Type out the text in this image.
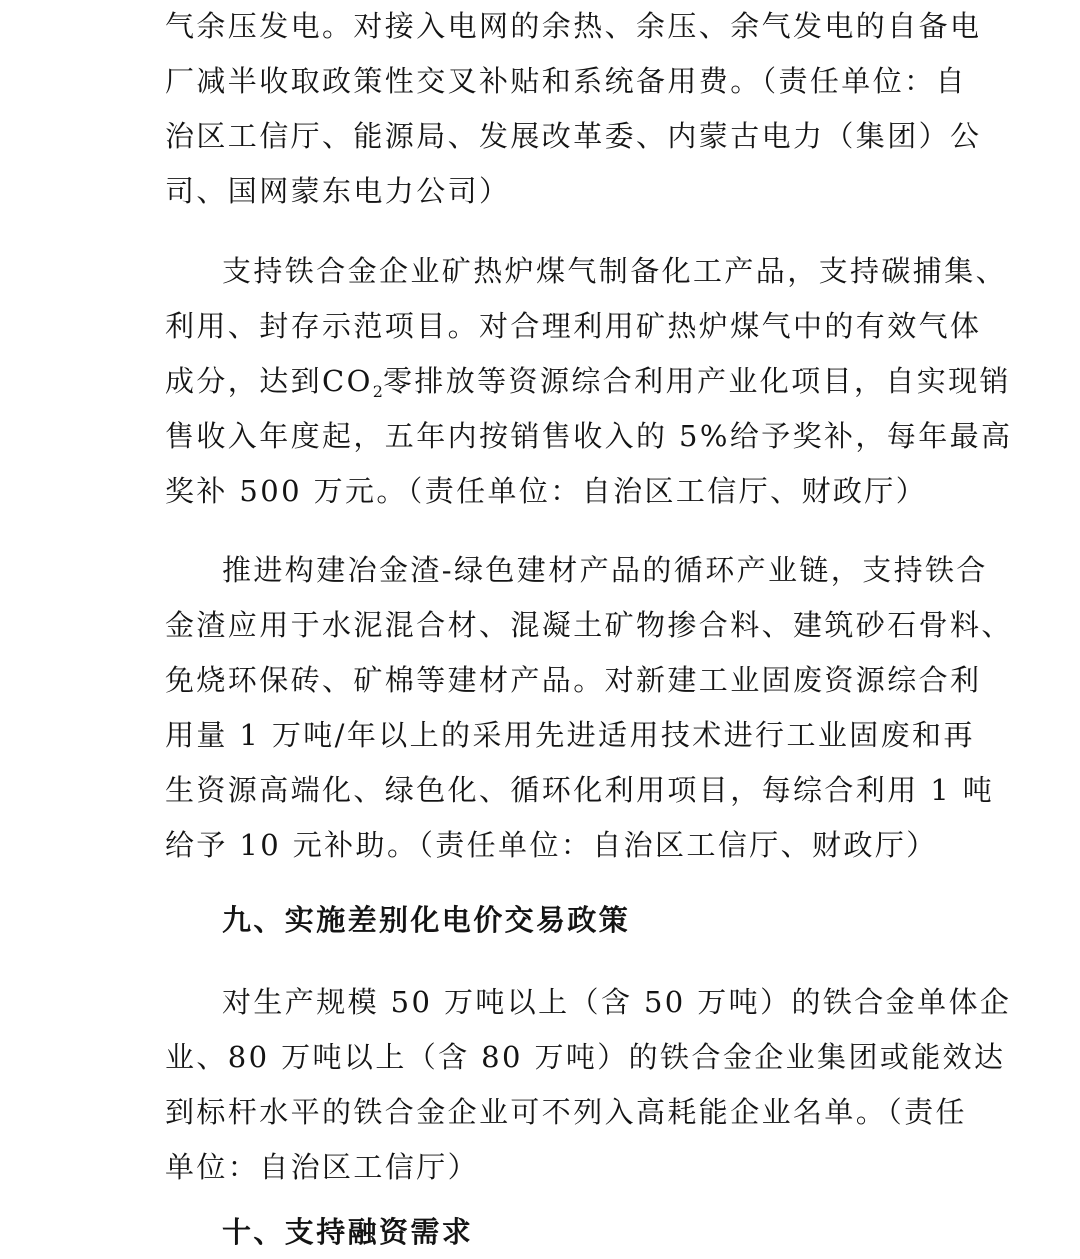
气余压发电。对接入电网的余热、余压、余气发电的自备电
厂减半收取政策性交叉补贴和系统备用费。（责任单位：自
治区工信厅、能源局、发展改革委、内蒙古电力（集团）公
司、国网蒙东电力公司）
支持铁合金企业矿热炉煤气制备化工产品，支持碳捕集、
利用、封存示范项目。对合理利用矿热炉煤气中的有效气体
成分，达到$CO_2$零排放等资源综合利用产业化项目，自实现销
售收入年度起，五年内按销售收入的 5%给予奖补，每年最高
奖补 500 万元。（责任单位：自治区工信厅、财政厅）
推进构建冶金渣-绿色建材产品的循环产业链，支持铁合
金渣应用于水泥混合材、混凝土矿物掺合料、建筑砂石骨料、
免烧环保砖、矿棉等建材产品。对新建工业固废资源综合利
用量 1 万吨/年以上的采用先进适用技术进行工业固废和再
生资源高端化、绿色化、循环化利用项目，每综合利用 1 吨
给予 10 元补助。（责任单位：自治区工信厅、财政厅）
九、实施差别化电价交易政策
对生产规模 50 万吨以上（含 50 万吨）的铁合金单体企
业、80 万吨以上（含 80 万吨）的铁合金企业集团或能效达
到标杆水平的铁合金企业可不列入高耗能企业名单。（责任
单位：自治区工信厅）
十、支持融资需求
